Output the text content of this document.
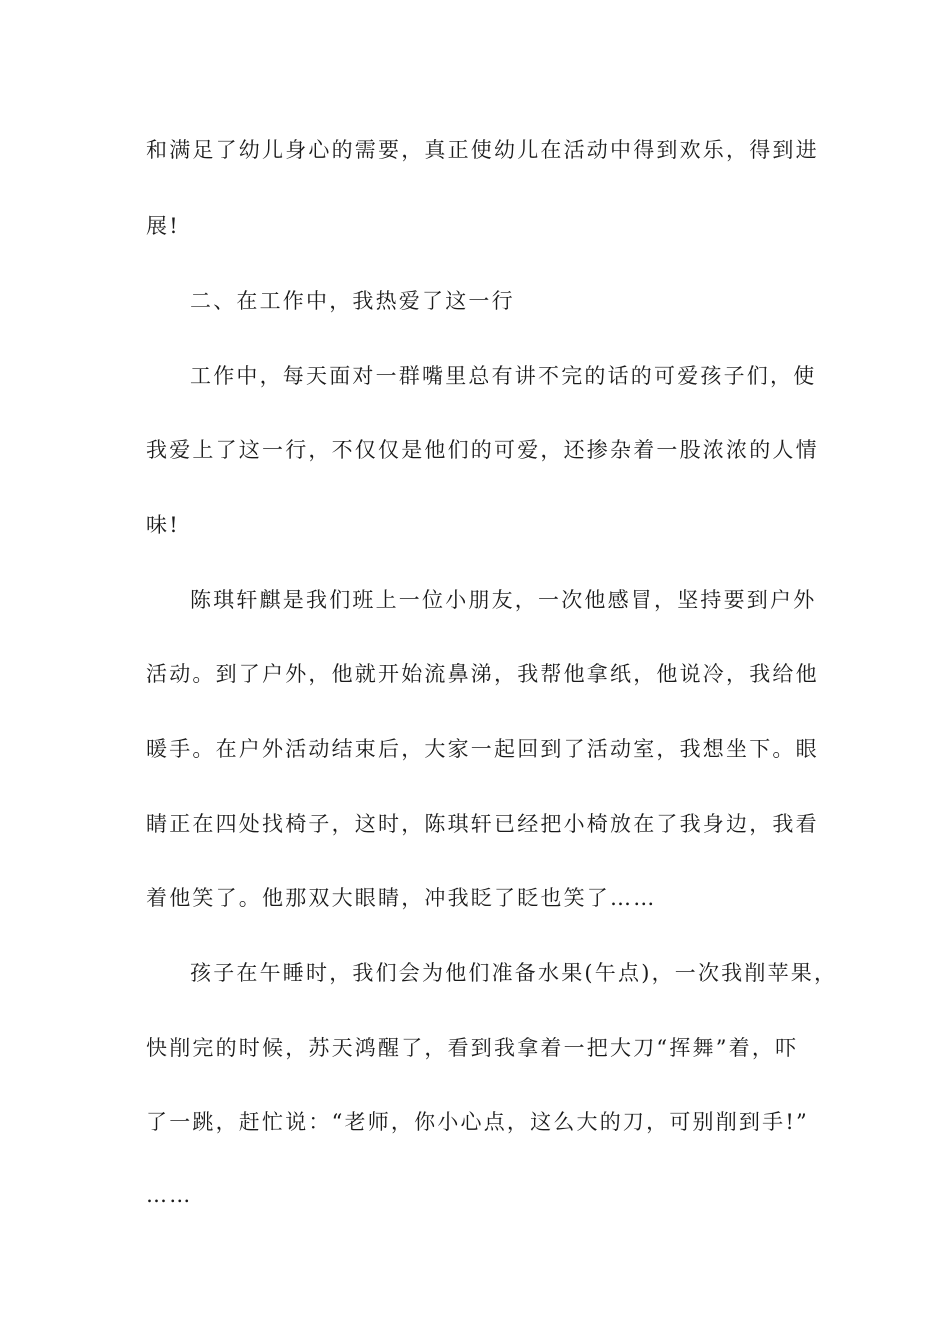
和满足了幼儿身心的需要，真正使幼儿在活动中得到欢乐，得到进
展!
二、在工作中，我热爱了这一行
工作中，每天面对一群嘴里总有讲不完的话的可爱孩子们，使
我爱上了这一行，不仅仅是他们的可爱，还掺杂着一股浓浓的人情
味!
陈琪轩麒是我们班上一位小朋友，一次他感冒，坚持要到户外
活动。到了户外，他就开始流鼻涕，我帮他拿纸，他说冷，我给他
暖手。在户外活动结束后，大家一起回到了活动室，我想坐下。眼
睛正在四处找椅子，这时，陈琪轩已经把小椅放在了我身边，我看
着他笑了。他那双大眼睛，冲我眨了眨也笑了……
孩子在午睡时，我们会为他们准备水果(午点)，一次我削苹果，
快削完的时候，苏天鸿醒了，看到我拿着一把大刀“挥舞”着，吓
了一跳，赶忙说：“老师，你小心点，这么大的刀，可别削到手!”
……
